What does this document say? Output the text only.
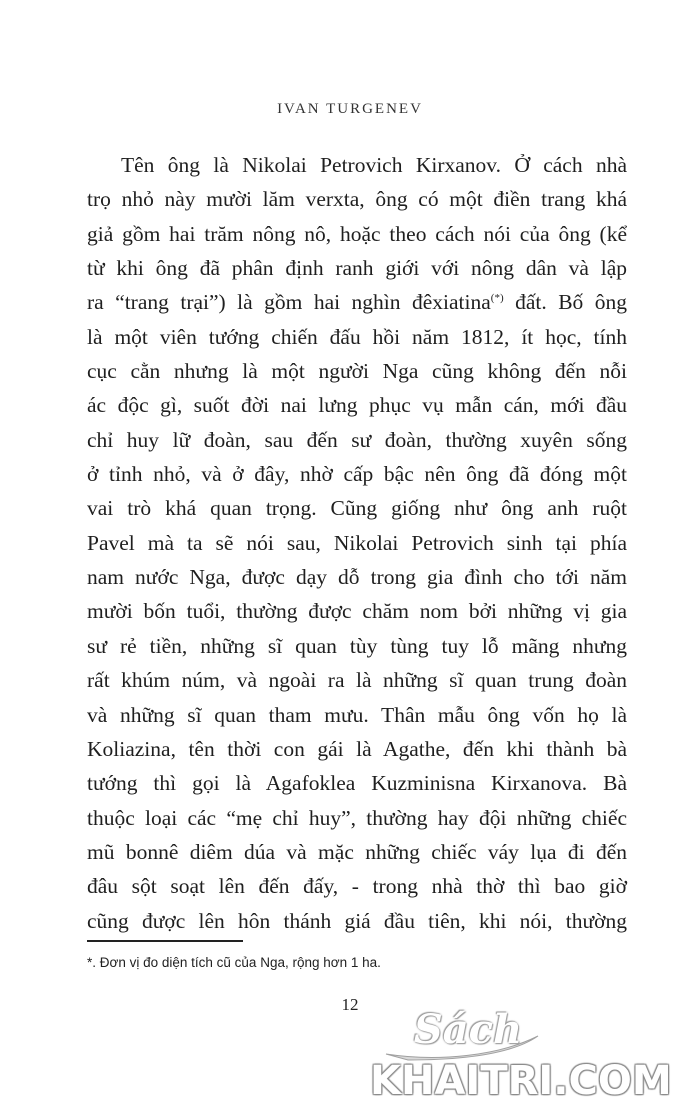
IVAN TURGENEV
Tên ông là Nikolai Petrovich Kirxanov. Ở cách nhà
trọ nhỏ này mười lăm verxta, ông có một điền trang khá
giả gồm hai trăm nông nô, hoặc theo cách nói của ông (kể
từ khi ông đã phân định ranh giới với nông dân và lập
ra “trang trại”) là gồm hai nghìn đêxiatina(*) đất. Bố ông
là một viên tướng chiến đấu hồi năm 1812, ít học, tính
cục cằn nhưng là một người Nga cũng không đến nỗi
ác độc gì, suốt đời nai lưng phục vụ mẫn cán, mới đầu
chỉ huy lữ đoàn, sau đến sư đoàn, thường xuyên sống
ở tỉnh nhỏ, và ở đây, nhờ cấp bậc nên ông đã đóng một
vai trò khá quan trọng. Cũng giống như ông anh ruột
Pavel mà ta sẽ nói sau, Nikolai Petrovich sinh tại phía
nam nước Nga, được dạy dỗ trong gia đình cho tới năm
mười bốn tuổi, thường được chăm nom bởi những vị gia
sư rẻ tiền, những sĩ quan tùy tùng tuy lỗ mãng nhưng
rất khúm núm, và ngoài ra là những sĩ quan trung đoàn
và những sĩ quan tham mưu. Thân mẫu ông vốn họ là
Koliazina, tên thời con gái là Agathe, đến khi thành bà
tướng thì gọi là Agafoklea Kuzminisna Kirxanova. Bà
thuộc loại các “mẹ chỉ huy”, thường hay đội những chiếc
mũ bonnê diêm dúa và mặc những chiếc váy lụa đi đến
đâu sột soạt lên đến đấy, - trong nhà thờ thì bao giờ
cũng được lên hôn thánh giá đầu tiên, khi nói, thường
*. Đơn vị đo diện tích cũ của Nga, rộng hơn 1 ha.
12
Sách
KHAITRI.COM
